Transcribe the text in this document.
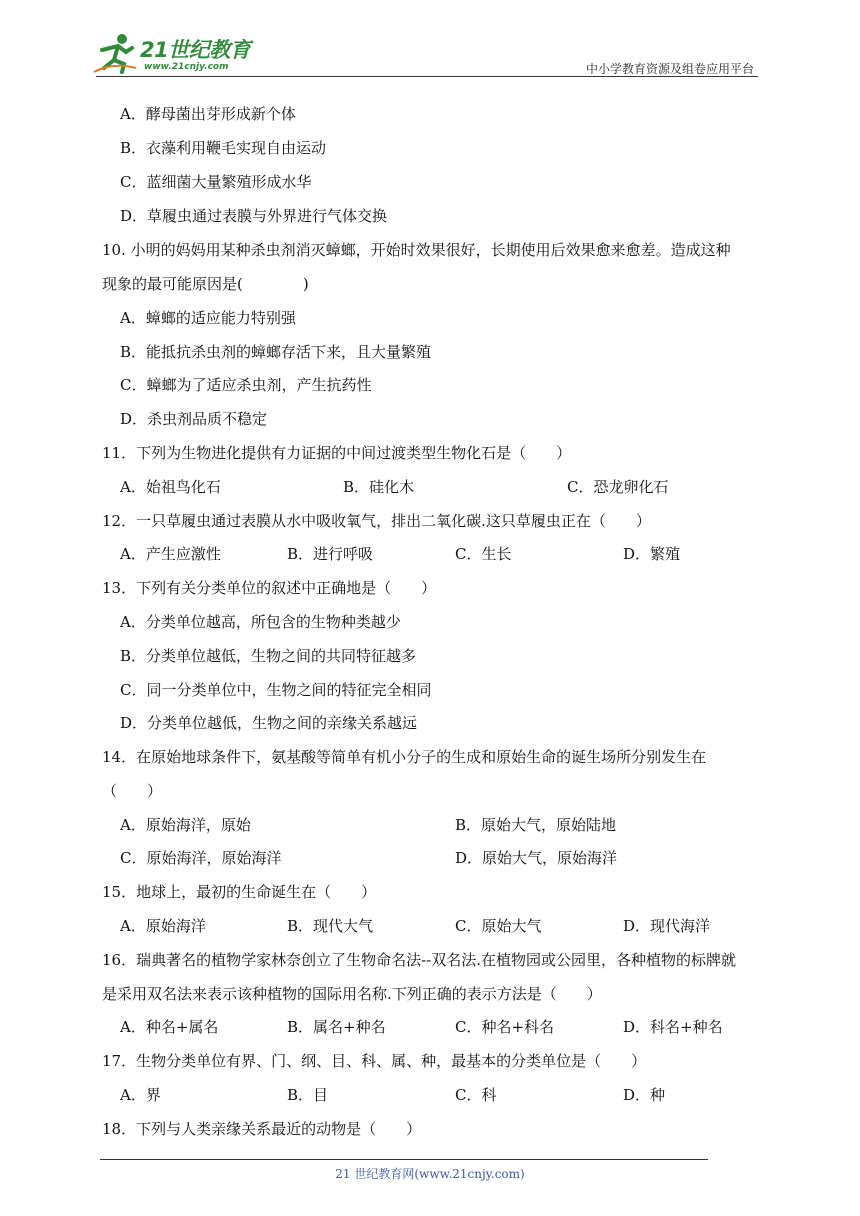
21世纪教育
www.21cnjy.com	中小学教育资源及组卷应用平台
A．酵母菌出芽形成新个体
B．衣藻利用鞭毛实现自由运动
C．蓝细菌大量繁殖形成水华
D．草履虫通过表膜与外界进行气体交换
10. 小明的妈妈用某种杀虫剂消灭蟑螂，开始时效果很好，长期使用后效果愈来愈差。造成这种
现象的最可能原因是(　　　　)
A．蟑螂的适应能力特别强
B．能抵抗杀虫剂的蟑螂存活下来，且大量繁殖
C．蟑螂为了适应杀虫剂，产生抗药性
D．杀虫剂品质不稳定
11．下列为生物进化提供有力证据的中间过渡类型生物化石是（　　）
A．始祖鸟化石	B．硅化木	C．恐龙卵化石
12．一只草履虫通过表膜从水中吸收氧气，排出二氧化碳.这只草履虫正在（　　）
A．产生应激性	B．进行呼吸	C．生长	D．繁殖
13．下列有关分类单位的叙述中正确地是（　　）
A．分类单位越高，所包含的生物种类越少
B．分类单位越低，生物之间的共同特征越多
C．同一分类单位中，生物之间的特征完全相同
D．分类单位越低，生物之间的亲缘关系越远
14．在原始地球条件下，氨基酸等简单有机小分子的生成和原始生命的诞生场所分别发生在
（　　）
A．原始海洋，原始	B．原始大气，原始陆地
C．原始海洋，原始海洋	D．原始大气，原始海洋
15．地球上，最初的生命诞生在（　　）
A．原始海洋	B．现代大气	C．原始大气	D．现代海洋
16．瑞典著名的植物学家林奈创立了生物命名法--双名法.在植物园或公园里，各种植物的标牌就
是采用双名法来表示该种植物的国际用名称.下列正确的表示方法是（　　）
A．种名+属名	B．属名+种名	C．种名+科名	D．科名+种名
17．生物分类单位有界、门、纲、目、科、属、种，最基本的分类单位是（　　）
A．界	B．目	C．科	D．种
18．下列与人类亲缘关系最近的动物是（　　）
21 世纪教育网(www.21cnjy.com)
